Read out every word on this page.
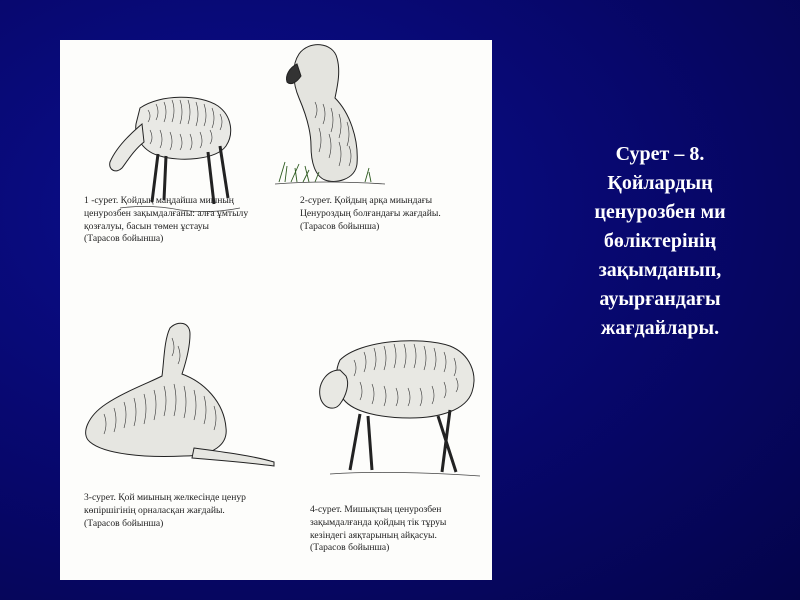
1 -сурет. Қойдың маңдайша миының
ценурозбен зақымдалғаны: алға ұмтылу
қозғалуы, басын төмен ұстауы
(Тарасов бойынша)
2-сурет. Қойдың арқа миындағы
Ценуроздың болғандағы жағдайы.
(Тарасов бойынша)
3-сурет. Қой миының желкесінде ценур
көпіршігінің орналасқан жағдайы.
(Тарасов бойынша)
4-сурет. Мишықтың ценурозбен
зақымдалғанда қойдың тік тұруы
кезіндегі аяқтарының айқасуы.
(Тарасов бойынша)
Сурет – 8.
Қойлардың
ценурозбен ми
бөліктерінің
зақымданып,
ауырғандағы
жағдайлары.
